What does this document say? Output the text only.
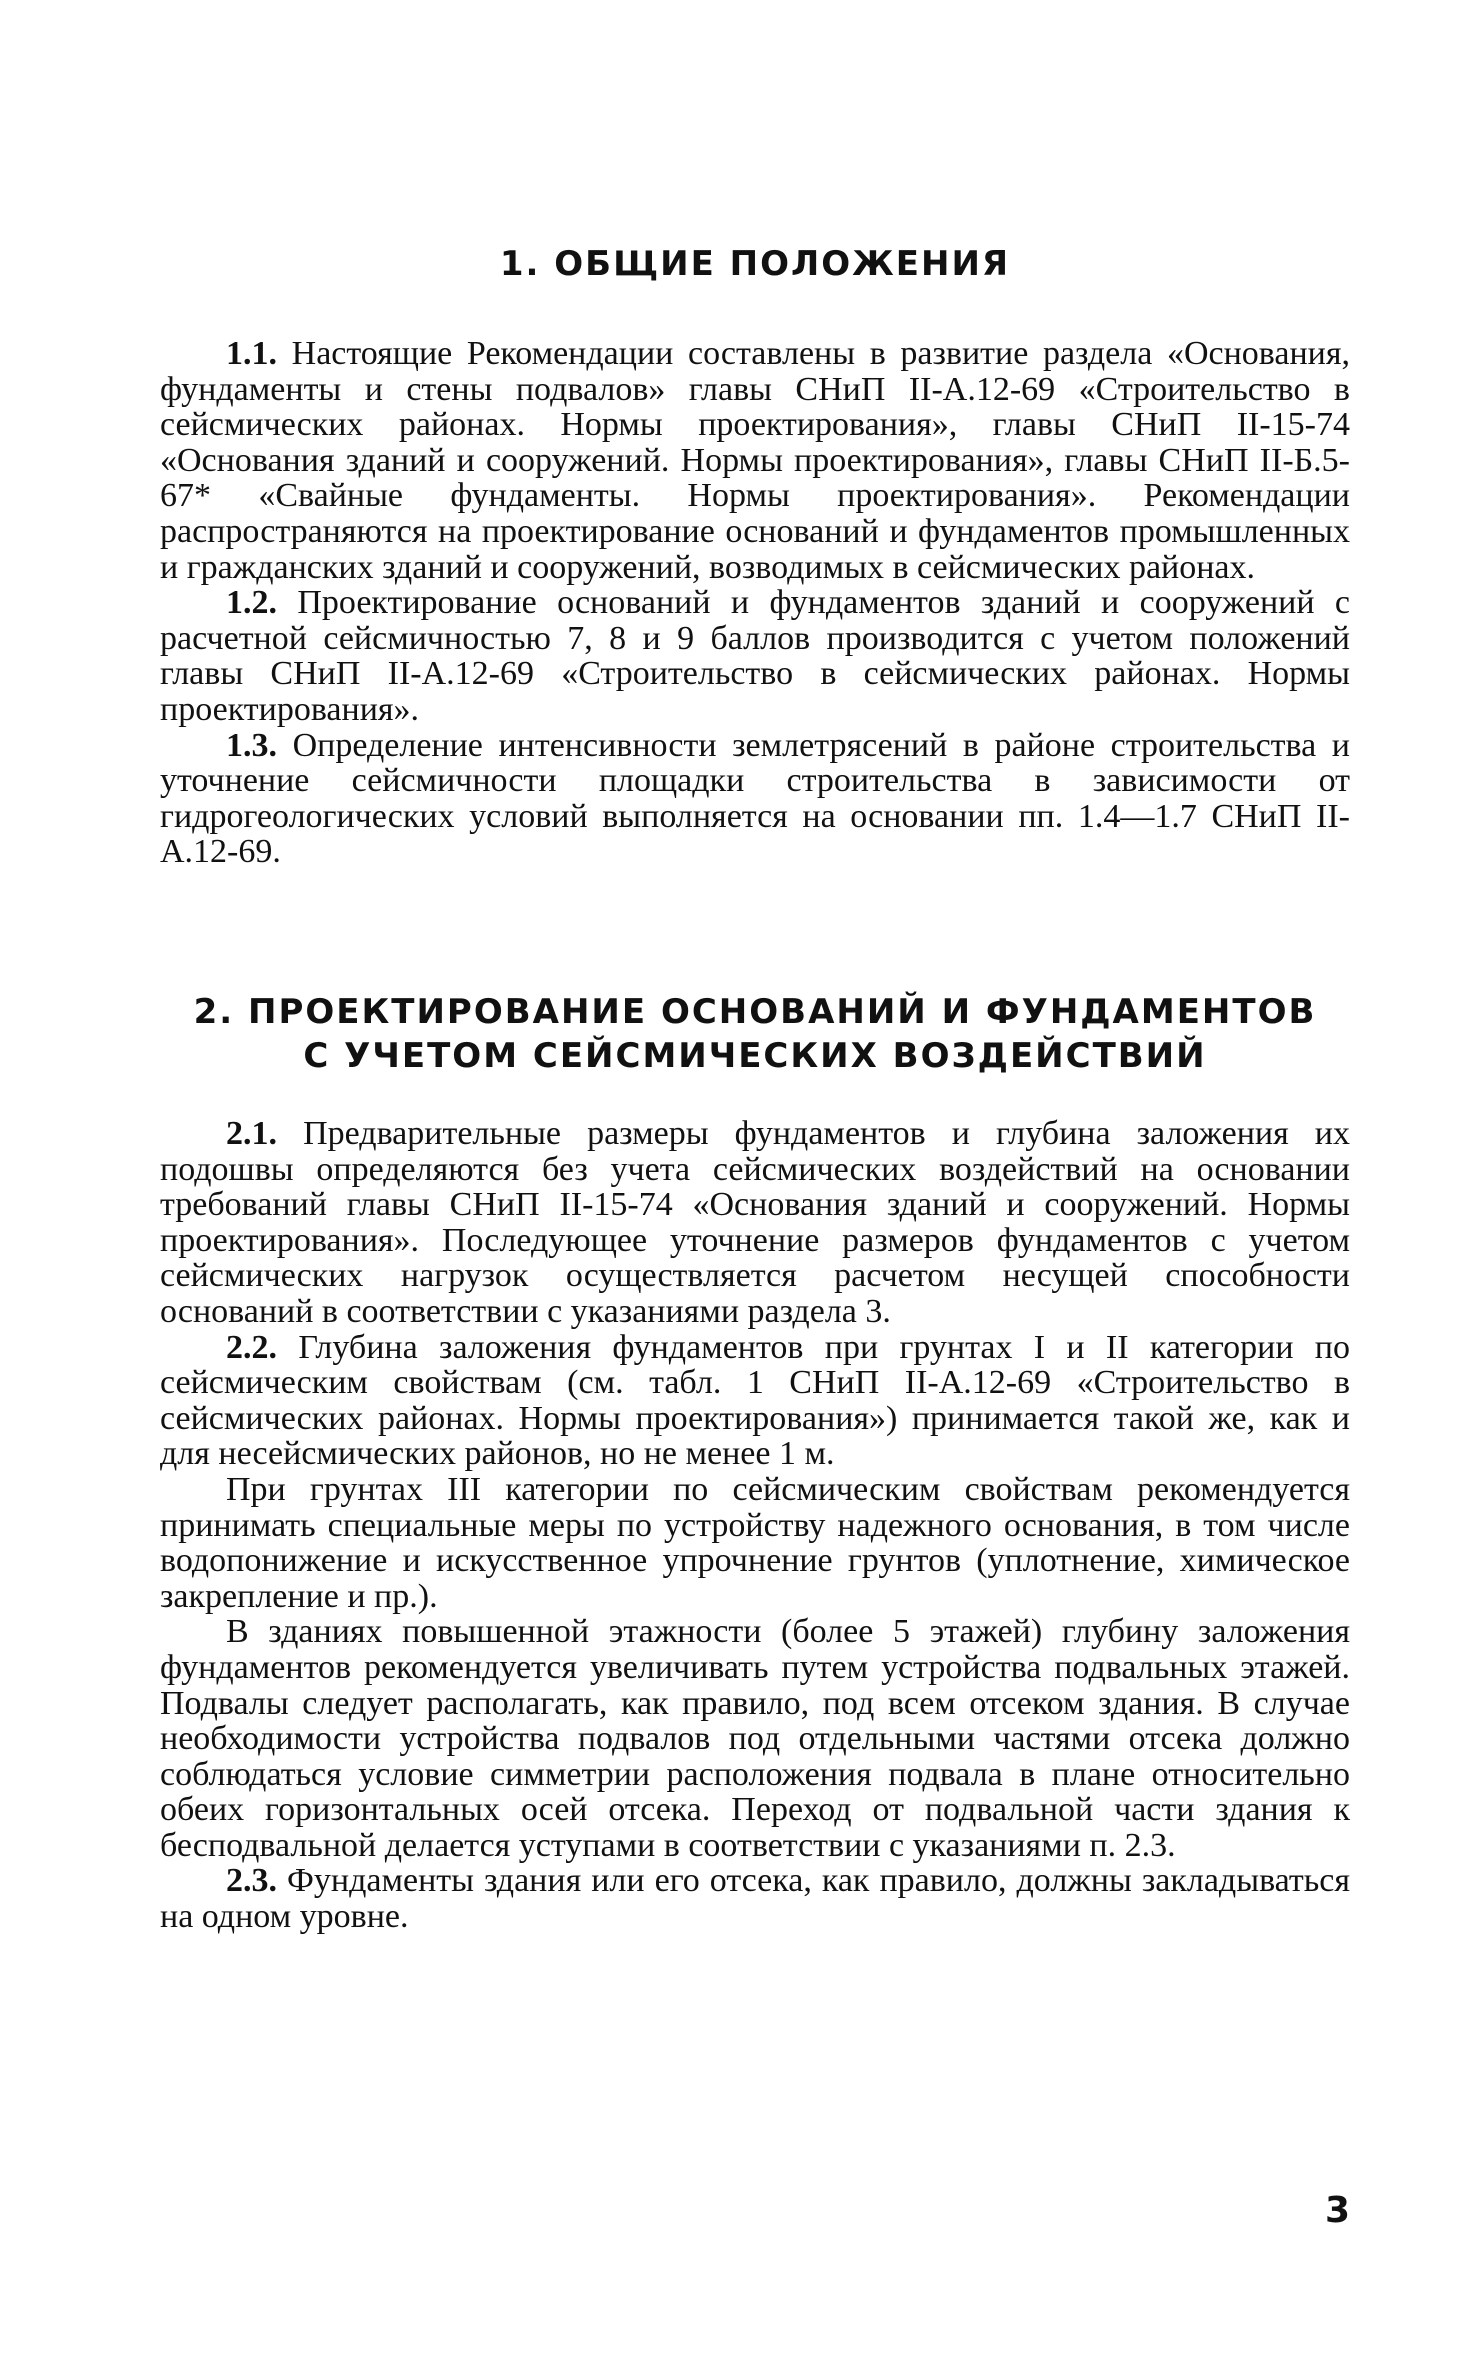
1. ОБЩИЕ ПОЛОЖЕНИЯ

1.1. Настоящие Рекомендации составлены в развитие раздела «Основания, фундаменты и стены подвалов» главы СНиП II-А.12-69 «Строительство в сейсмических районах. Нормы проектирования», главы СНиП II-15-74 «Основания зданий и сооружений. Нормы проектирования», главы СНиП II-Б.5-67* «Свайные фундаменты. Нормы проектирования». Рекомендации распространяются на проектирование оснований и фундаментов промышленных и гражданских зданий и сооружений, возводимых в сейсмических районах.

1.2. Проектирование оснований и фундаментов зданий и сооружений с расчетной сейсмичностью 7, 8 и 9 баллов производится с учетом положений главы СНиП II-А.12-69 «Строительство в сейсмических районах. Нормы проектирования».

1.3. Определение интенсивности землетрясений в районе строительства и уточнение сейсмичности площадки строительства в зависимости от гидрогеологических условий выполняется на основании пп. 1.4—1.7 СНиП II-А.12-69.

2. ПРОЕКТИРОВАНИЕ ОСНОВАНИЙ И ФУНДАМЕНТОВ
С УЧЕТОМ СЕЙСМИЧЕСКИХ ВОЗДЕЙСТВИЙ

2.1. Предварительные размеры фундаментов и глубина заложения их подошвы определяются без учета сейсмических воздействий на основании требований главы СНиП II-15-74 «Основания зданий и сооружений. Нормы проектирования». Последующее уточнение размеров фундаментов с учетом сейсмических нагрузок осуществляется расчетом несущей способности оснований в соответствии с указаниями раздела 3.

2.2. Глубина заложения фундаментов при грунтах I и II категории по сейсмическим свойствам (см. табл. 1 СНиП II-А.12-69 «Строительство в сейсмических районах. Нормы проектирования») принимается такой же, как и для несейсмических районов, но не менее 1 м.

При грунтах III категории по сейсмическим свойствам рекомендуется принимать специальные меры по устройству надежного основания, в том числе водопонижение и искусственное упрочнение грунтов (уплотнение, химическое закрепление и пр.).

В зданиях повышенной этажности (более 5 этажей) глубину заложения фундаментов рекомендуется увеличивать путем устройства подвальных этажей. Подвалы следует располагать, как правило, под всем отсеком здания. В случае необходимости устройства подвалов под отдельными частями отсека должно соблюдаться условие симметрии расположения подвала в плане относительно обеих горизонтальных осей отсека. Переход от подвальной части здания к бесподвальной делается уступами в соответствии с указаниями п. 2.3.

2.3. Фундаменты здания или его отсека, как правило, должны закладываться на одном уровне.

3
